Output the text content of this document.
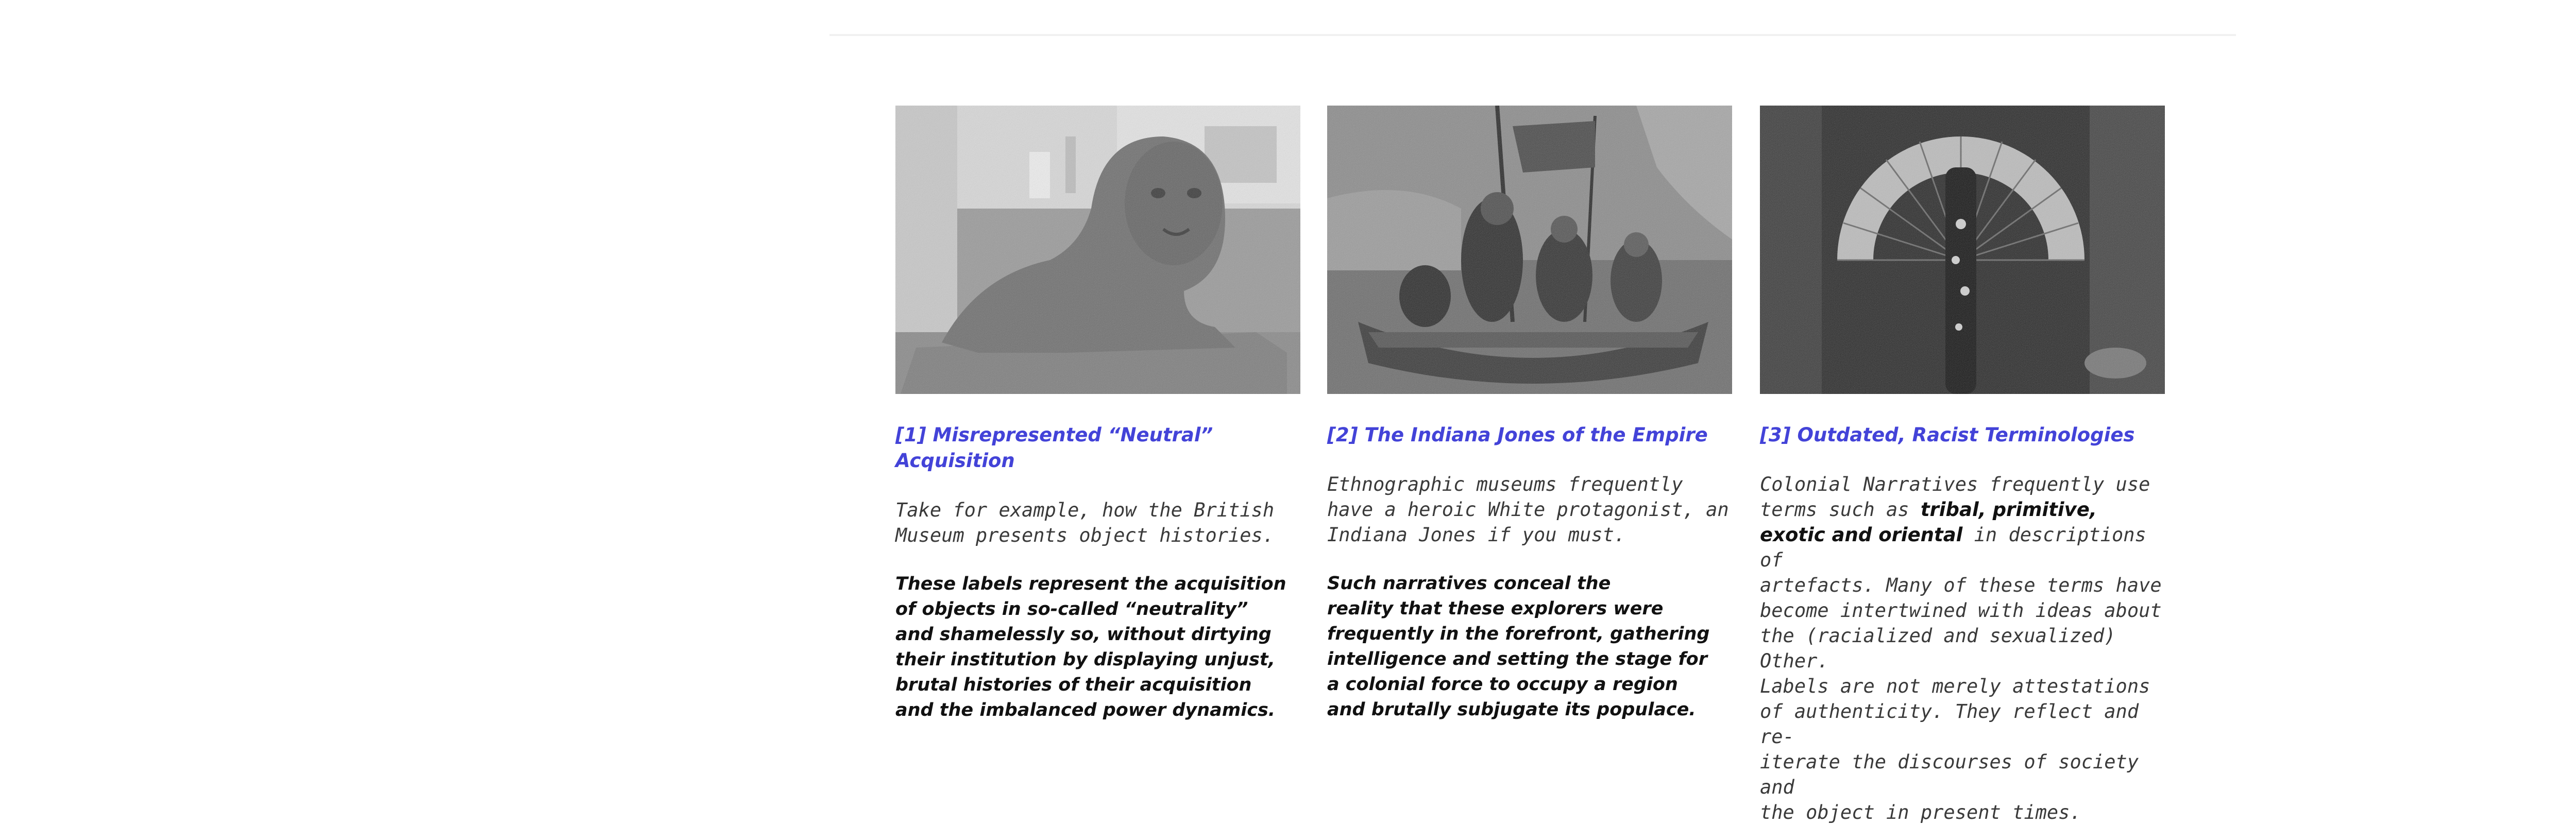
[1] Misrepresented “Neutral” Acquisition
Take for example, how the British
Museum presents object histories.
These labels represent the acquisition
of objects in so-called “neutrality”
and shamelessly so, without dirtying
their institution by displaying unjust,
brutal histories of their acquisition
and the imbalanced power dynamics.
[2] The Indiana Jones of the Empire
Ethnographic museums frequently
have a heroic White protagonist, an
Indiana Jones if you must.
Such narratives conceal the
reality that these explorers were
frequently in the forefront, gathering
intelligence and setting the stage for
a colonial force to occupy a region
and brutally subjugate its populace.
[3] Outdated, Racist Terminologies
Colonial Narratives frequently use
terms such as tribal, primitive,
exotic and oriental in descriptions of
artefacts. Many of these terms have
become intertwined with ideas about
the (racialized and sexualized) Other.
Labels are not merely attestations
of authenticity. They reflect and re-
iterate the discourses of society and
the object in present times.
